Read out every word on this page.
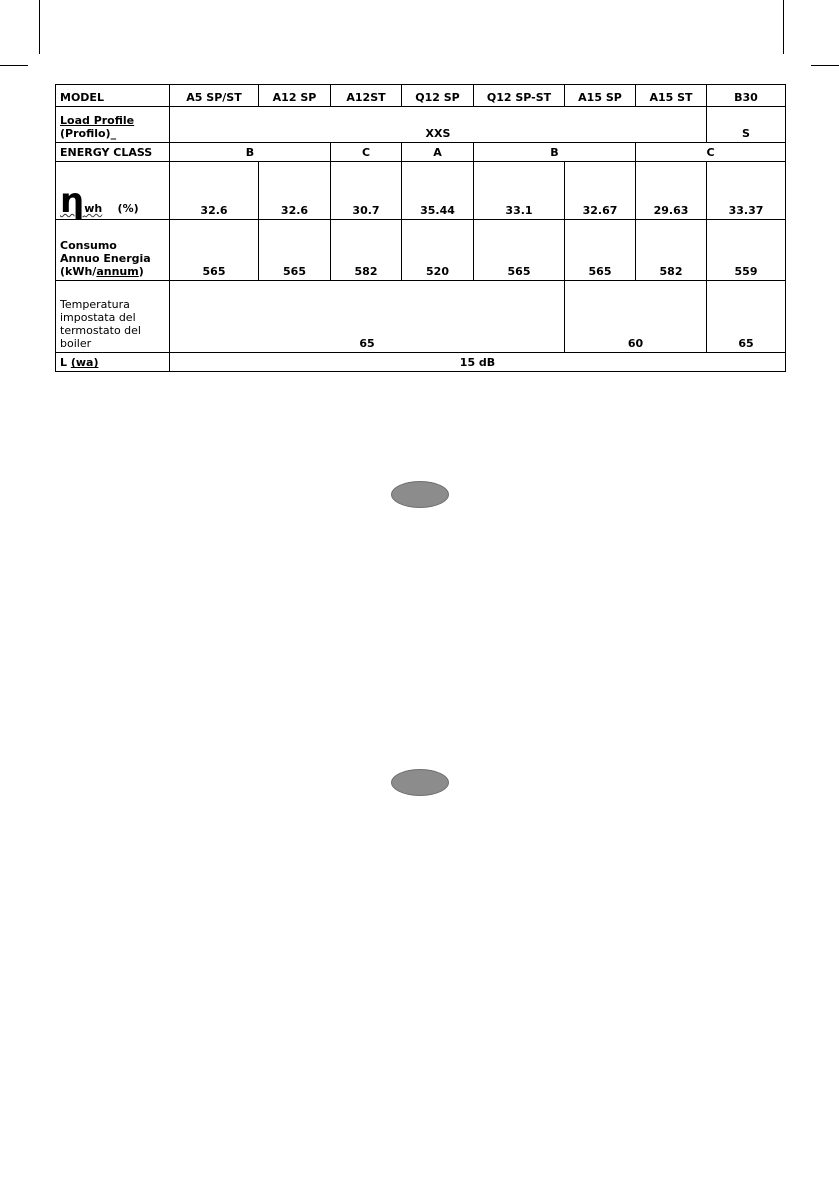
MODEL	A5 SP/ST	A12 SP	A12ST	Q12 SP	Q12 SP-ST	A15 SP	A15 ST	B30

Load Profile
(Profilo)_	XXS							S
ENERGY CLASS	B		C	A	B		C	
ηwh (%)	32.6	32.6	30.7	35.44	33.1	32.67	29.63	33.37

Consumo
Annuo Energia
(kWh/annum)	565	565	582	520	565	565	582	559

Temperatura
impostata del
termostato del
boiler	65					60		65
L (wa)	15 dB							
